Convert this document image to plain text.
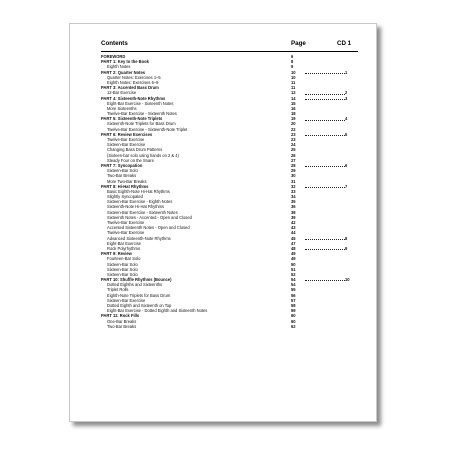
Contents	Page	CD 1
FOREWORD	6
PART 1: Key to the Book	8
Eighth Notes	9
PART 2: Quarter Notes	10	1
Quarter Notes: Exercises 1–5	10
Eighth Notes: Exercises 6–9	11
PART 3: Accented Bass Drum	11
12-Bar Exercise	12	2
PART 4: Sixteenth-Note Rhythms	14	3
Eight-Bar Exercise - Sixteenth Notes	15
More Sixteenths	16
Twelve-Bar Exercise - Sixteenth Notes	18
PART 5: Sixteenth-Note Triplets	19	4
Sixteenth-Note Triplets for Bass Drum	20
Twelve-Bar Exercise - Sixteenth-Note Triplet	22
PART 6: Review Exercises	23	5
Twelve-Bar Exercise	23
Sixteen-Bar Exercise	24
Changing Bass Drum Patterns	25
(Sixteen-bar solo using hands on 2 & 4)	26
Steady Four on the Snare	27
PART 7: Syncopation	28	6
Sixteen-Bar Solo	29
Two-Bar Breaks	30
More Two-Bar Breaks	31
PART 8: Hi-Hat Rhythms	32	7
Basic Eighth-Note Hi-Hat Rhythms	33
Slightly Syncopated	34
Sixteen-Bar Exercise - Eighth Notes	35
Sixteenth-Note Hi-Hat Rhythms	36
Sixteen-Bar Exercise - Sixteenth Notes	38
Sixteenth Notes - Accented - Open and Closed	39
Twelve-Bar Exercise	42
Accented Sixteenth Notes - Open and Closed	43
Twelve-Bar Exercise	44
Advanced Sixteenth-Note Rhythms	45	8
Eight-Bar Exercise	47
Rock Polyrhythms	48	9
PART 9: Review	49
Fourteen-Bar Solo	49
Sixteen-Bar Solo	50
Sixteen-Bar Solo	51
Sixteen-Bar Solo	52
PART 10: Shuffle Rhythms (Bounce)	54	10
Dotted Eighths and Sixteenths	54
Triplet Rolls	55
Eighth-Note Triplets for Bass Drum	56
Sixteen-Bar Exercise	57
Dotted Eighth and Sixteenth on Top	58
Eight-Bar Exercise - Dotted Eighth and Sixteenth Notes	59
PART 11: Rock Fills	60
One-Bar Breaks	60
Two-Bar Breaks	62
